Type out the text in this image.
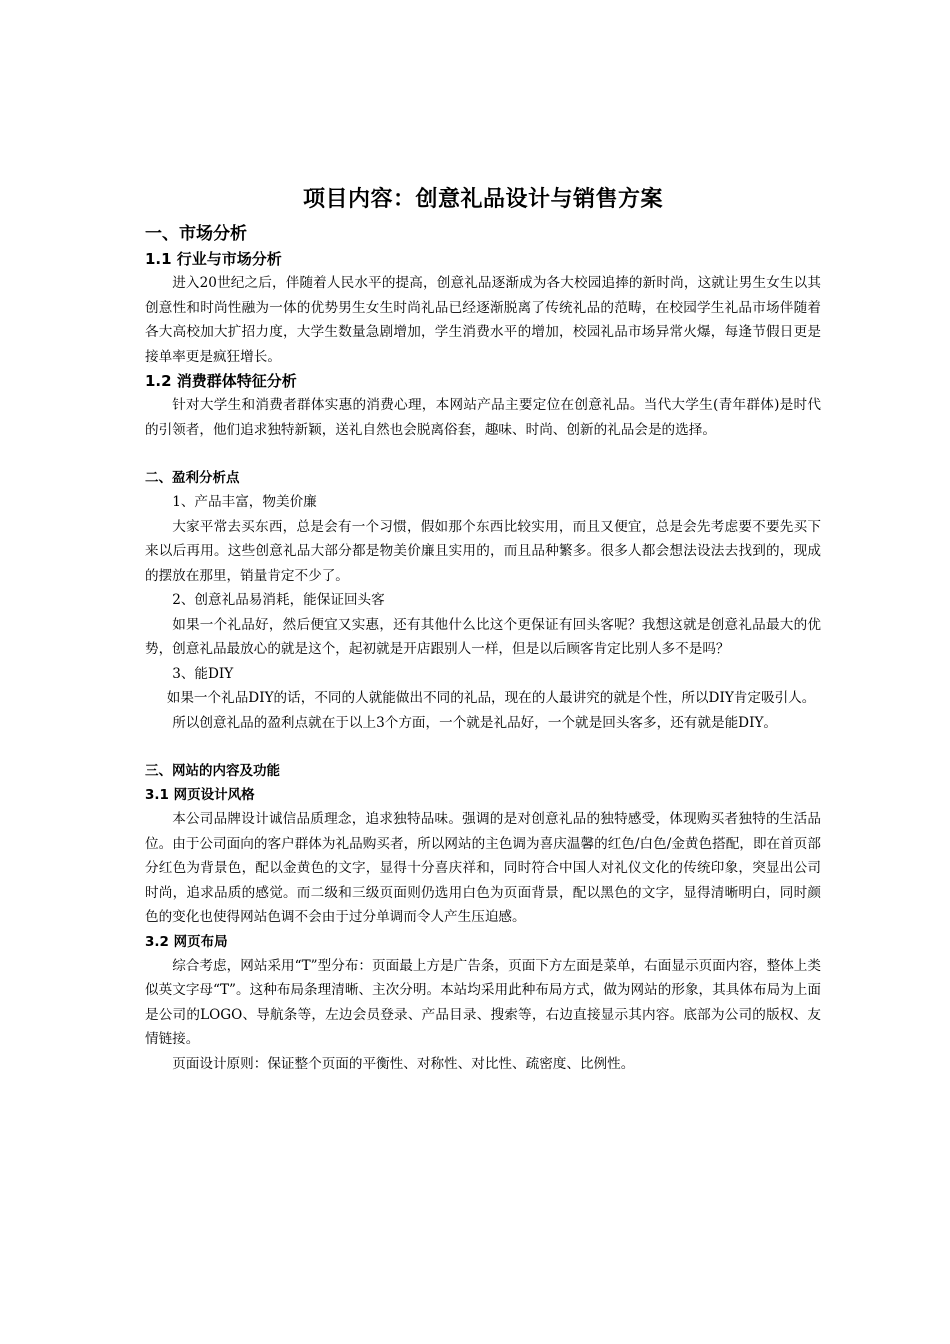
项目内容：创意礼品设计与销售方案
一、市场分析
1.1 行业与市场分析

进入20世纪之后，伴随着人民水平的提高，创意礼品逐渐成为各大校园追捧的新时尚，这就让男生女生以其创意性和时尚性融为一体的优势男生女生时尚礼品已经逐渐脱离了传统礼品的范畴，在校园学生礼品市场伴随着各大高校加大扩招力度，大学生数量急剧增加，学生消费水平的增加，校园礼品市场异常火爆，每逢节假日更是接单率更是疯狂增长。

1.2 消费群体特征分析

针对大学生和消费者群体实惠的消费心理，本网站产品主要定位在创意礼品。当代大学生(青年群体)是时代的引领者，他们追求独特新颖，送礼自然也会脱离俗套，趣味、时尚、创新的礼品会是的选择。

二、盈利分析点

1、产品丰富，物美价廉

大家平常去买东西，总是会有一个习惯，假如那个东西比较实用，而且又便宜，总是会先考虑要不要先买下来以后再用。这些创意礼品大部分都是物美价廉且实用的，而且品种繁多。很多人都会想法设法去找到的，现成的摆放在那里，销量肯定不少了。

2、创意礼品易消耗，能保证回头客

如果一个礼品好，然后便宜又实惠，还有其他什么比这个更保证有回头客呢？我想这就是创意礼品最大的优势，创意礼品最放心的就是这个，起初就是开店跟别人一样，但是以后顾客肯定比别人多不是吗？

3、能DIY

如果一个礼品DIY的话，不同的人就能做出不同的礼品，现在的人最讲究的就是个性，所以DIY肯定吸引人。

所以创意礼品的盈利点就在于以上3个方面，一个就是礼品好，一个就是回头客多，还有就是能DIY。

三、网站的内容及功能
3.1 网页设计风格

本公司品牌设计诚信品质理念，追求独特品味。强调的是对创意礼品的独特感受，体现购买者独特的生活品位。由于公司面向的客户群体为礼品购买者，所以网站的主色调为喜庆温馨的红色/白色/金黄色搭配，即在首页部分红色为背景色，配以金黄色的文字，显得十分喜庆祥和，同时符合中国人对礼仪文化的传统印象，突显出公司时尚，追求品质的感觉。而二级和三级页面则仍选用白色为页面背景，配以黑色的文字，显得清晰明白，同时颜色的变化也使得网站色调不会由于过分单调而令人产生压迫感。

3.2 网页布局

综合考虑，网站采用“T”型分布：页面最上方是广告条，页面下方左面是菜单，右面显示页面内容，整体上类似英文字母“T”。这种布局条理清晰、主次分明。本站均采用此种布局方式，做为网站的形象，其具体布局为上面是公司的LOGO、导航条等，左边会员登录、产品目录、搜索等，右边直接显示其内容。底部为公司的版权、友情链接。

页面设计原则：保证整个页面的平衡性、对称性、对比性、疏密度、比例性。
